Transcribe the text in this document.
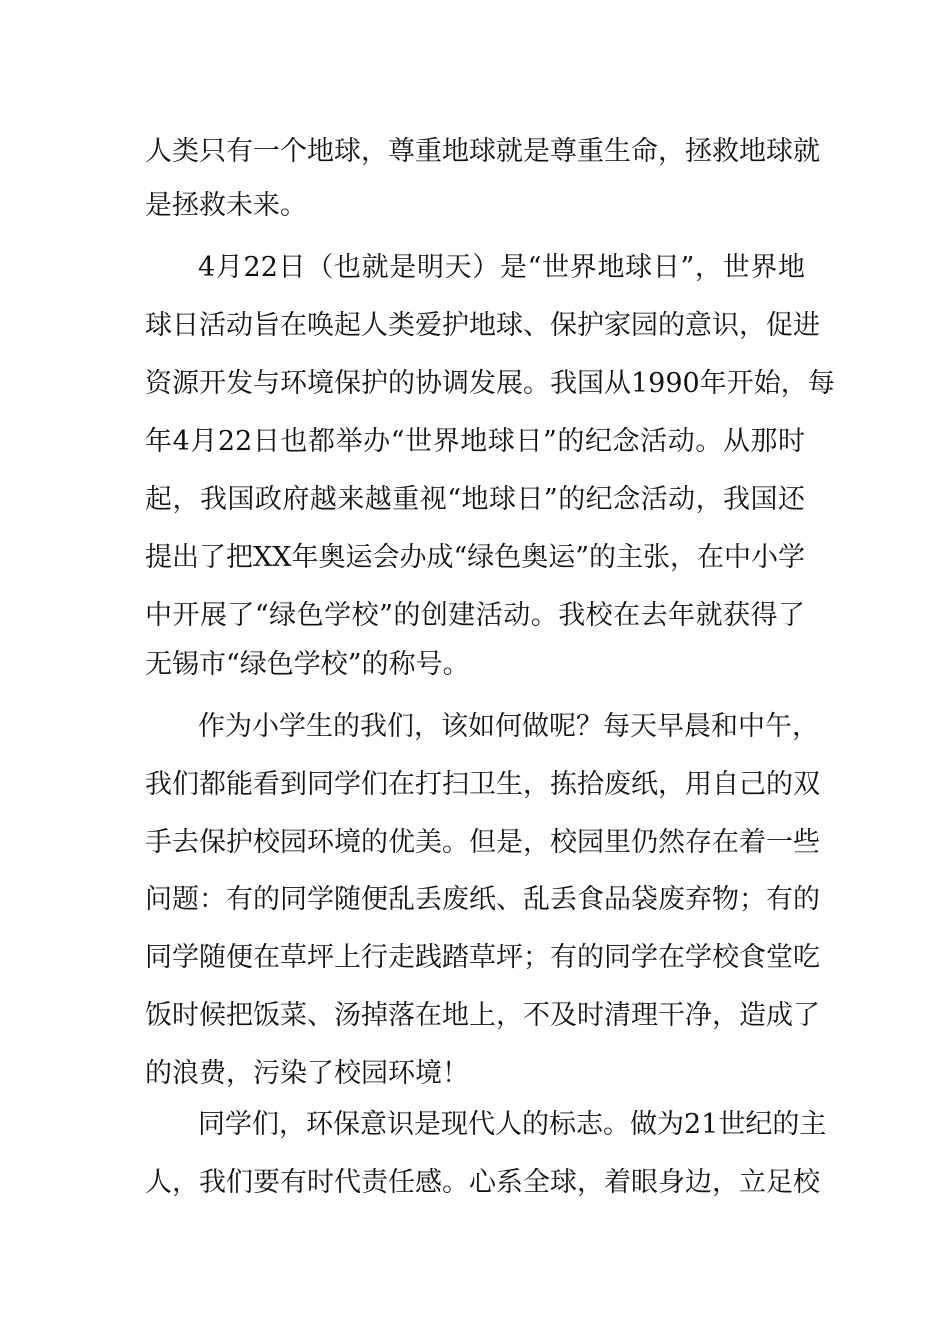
人类只有一个地球，尊重地球就是尊重生命，拯救地球就
是拯救未来。
4月22日（也就是明天）是“世界地球日”，世界地
球日活动旨在唤起人类爱护地球、保护家园的意识，促进
资源开发与环境保护的协调发展。我国从1990年开始，每
年4月22日也都举办“世界地球日”的纪念活动。从那时
起，我国政府越来越重视“地球日”的纪念活动，我国还
提出了把XX年奥运会办成“绿色奥运”的主张，在中小学
中开展了“绿色学校”的创建活动。我校在去年就获得了
无锡市“绿色学校”的称号。
作为小学生的我们，该如何做呢？每天早晨和中午，
我们都能看到同学们在打扫卫生，拣拾废纸，用自己的双
手去保护校园环境的优美。但是，校园里仍然存在着一些
问题：有的同学随便乱丢废纸、乱丢食品袋废弃物；有的
同学随便在草坪上行走践踏草坪；有的同学在学校食堂吃
饭时候把饭菜、汤掉落在地上，不及时清理干净，造成了
的浪费，污染了校园环境！
同学们，环保意识是现代人的标志。做为21世纪的主
人，我们要有时代责任感。心系全球，着眼身边，立足校
